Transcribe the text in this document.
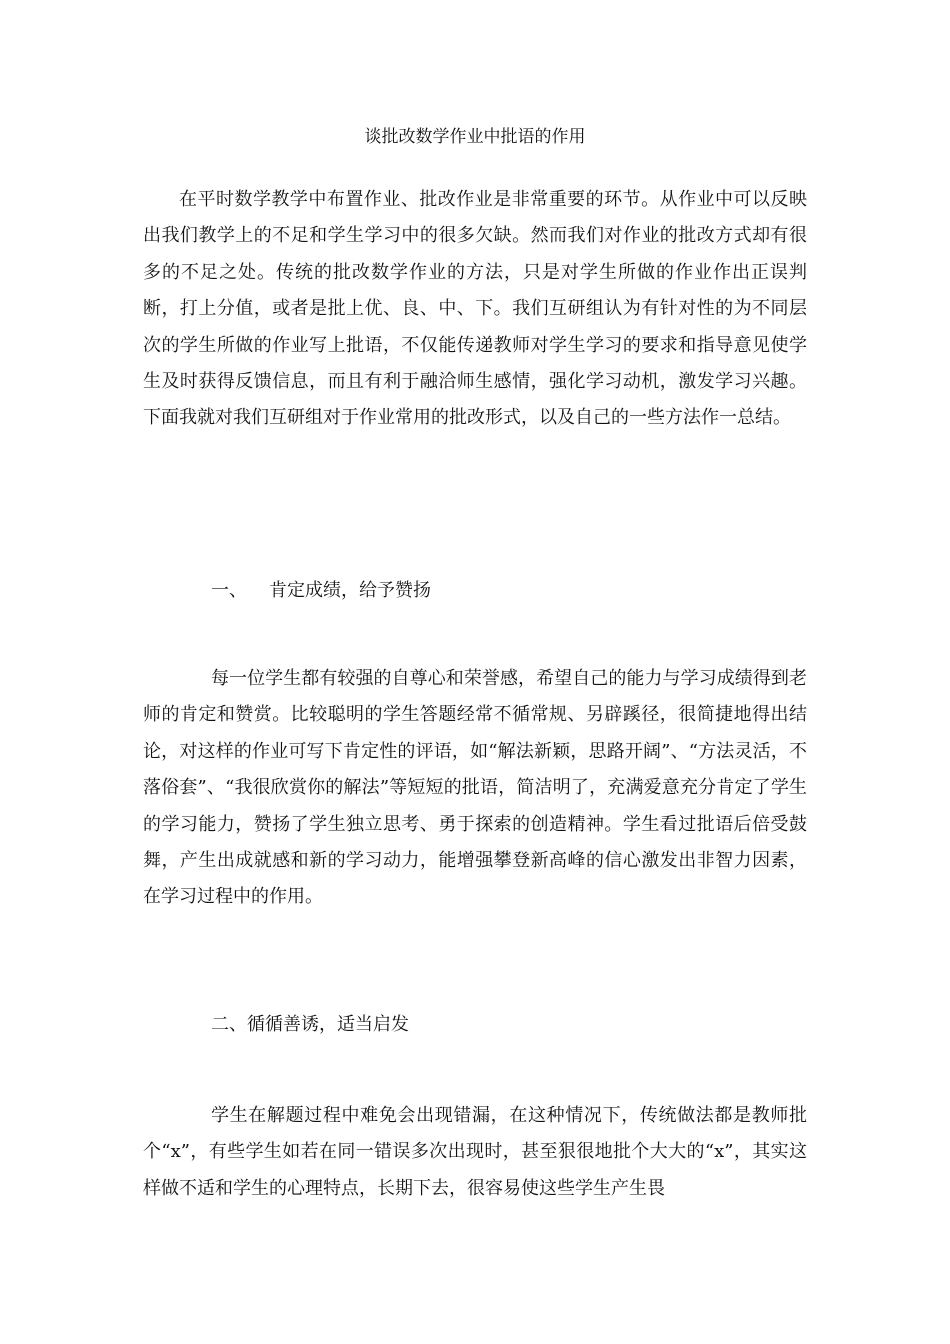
谈批改数学作业中批语的作用

在平时数学教学中布置作业、批改作业是非常重要的环节。从作业中可以反映出我们教学上的不足和学生学习中的很多欠缺。然而我们对作业的批改方式却有很多的不足之处。传统的批改数学作业的方法，只是对学生所做的作业作出正误判断，打上分值，或者是批上优、良、中、下。我们互研组认为有针对性的为不同层次的学生所做的作业写上批语，不仅能传递教师对学生学习的要求和指导意见使学生及时获得反馈信息，而且有利于融洽师生感情，强化学习动机，激发学习兴趣。下面我就对我们互研组对于作业常用的批改形式，以及自己的一些方法作一总结。

一、 肯定成绩，给予赞扬

每一位学生都有较强的自尊心和荣誉感，希望自己的能力与学习成绩得到老师的肯定和赞赏。比较聪明的学生答题经常不循常规、另辟蹊径，很简捷地得出结论，对这样的作业可写下肯定性的评语，如“解法新颖，思路开阔”、“方法灵活，不落俗套”、“我很欣赏你的解法”等短短的批语，简洁明了，充满爱意充分肯定了学生的学习能力，赞扬了学生独立思考、勇于探索的创造精神。学生看过批语后倍受鼓舞，产生出成就感和新的学习动力，能增强攀登新高峰的信心激发出非智力因素，在学习过程中的作用。

二、循循善诱，适当启发

学生在解题过程中难免会出现错漏，在这种情况下，传统做法都是教师批个“x”，有些学生如若在同一错误多次出现时，甚至狠很地批个大大的“x”，其实这样做不适和学生的心理特点，长期下去，很容易使这些学生产生畏
